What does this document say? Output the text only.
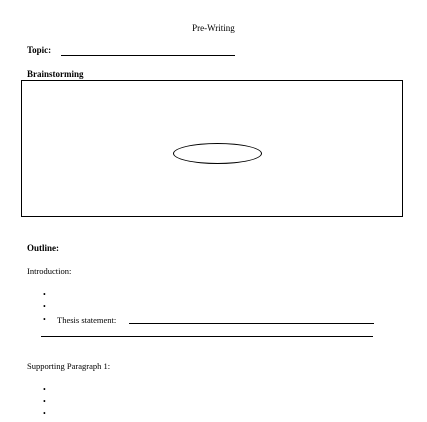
Pre-Writing
Topic:
Brainstorming
Outline:
Introduction:
•
•
• Thesis statement:
Supporting Paragraph 1:
•
•
•
